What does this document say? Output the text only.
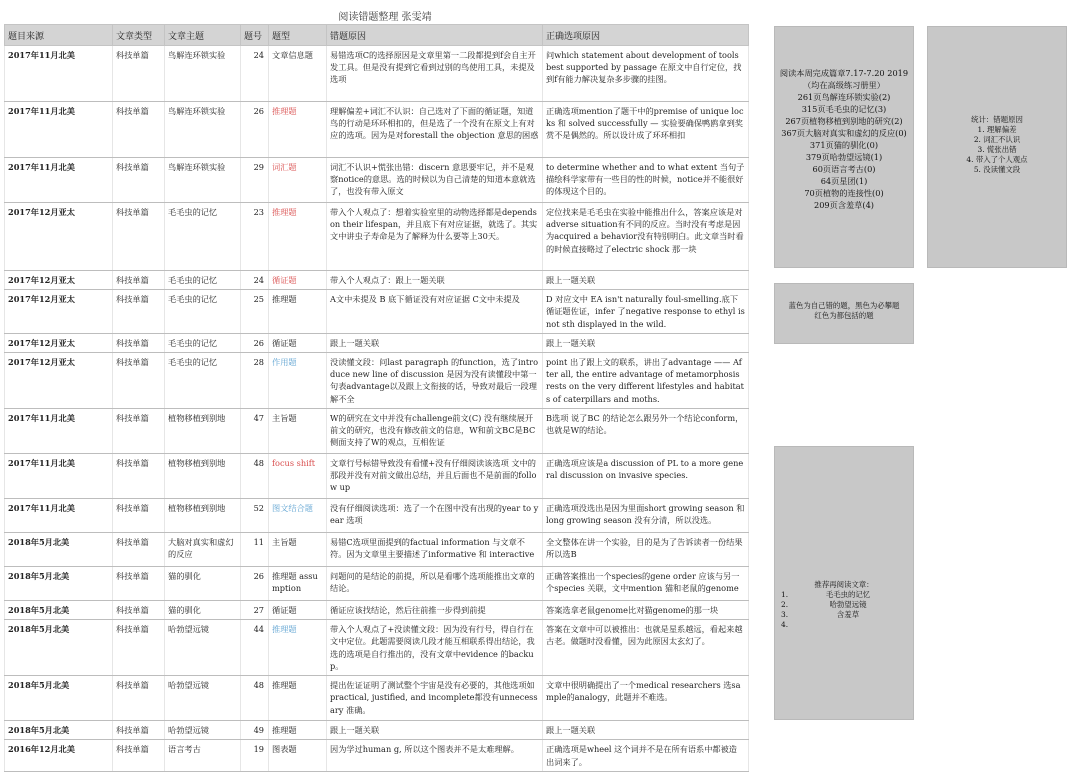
阅读错题整理 张雯靖
题目来源	文章类型	文章主题	题号	题型	错题原因	正确选项原因
2017年11月北美	科技单篇	鸟解连环锁实验	24	文章信息题	易错选项C的选择原因是文章里第一二段都提到f会自主开发工具。但是没有提到它看到过别的鸟使用工具，未提及选项	问which statement about development of tools best supported by passage 在原文中自行定位，找到f有能力解决复杂多步骤的挂图。
2017年11月北美	科技单篇	鸟解连环锁实验	26	推理题	理解偏差+词汇不认识：自己选对了下面的循证题，知道鸟的行动是环环相扣的，但是选了一个没有在原文上有对应的选项。因为是对forestall the objection 意思的困惑	正确选项mention了题干中的premise of unique locks 和 solved successfully — 实验要确保鸭鸥拿到奖赏不是偶然的。所以设计成了环环相扣
2017年11月北美	科技单篇	鸟解连环锁实验	29	词汇题	词汇不认识+慌张出错：discern 意思要牢记，并不是观察notice的意思。选的时候以为自己清楚的知道本意就选了，也没有带入原文	to determine whether and to what extent 当句子描绘科学家带有一些目的性的时候，notice并不能很好的体现这个目的。
2017年12月亚太	科技单篇	毛毛虫的记忆	23	推理题	带入个人观点了：想着实验室里的动物选择都是depends on their lifespan，并且底下有对应证据，就选了。其实文中讲虫子寿命是为了解释为什么要等上30天。	定位找来是毛毛虫在实验中能推出什么，答案应该是对adverse situation有不同的反应。当时没有考虑是因为acquired a behavior没有特别明白。此文章当时看的时候直接略过了electric shock 那一块
2017年12月亚太	科技单篇	毛毛虫的记忆	24	循证题	带入个人观点了：跟上一题关联	跟上一题关联
2017年12月亚太	科技单篇	毛毛虫的记忆	25	推理题	A文中未提及 B 底下循证没有对应证据 C文中未提及	D 对应文中 EA isn't naturally foul-smelling.底下循证题佐证，infer 了negative response to ethyl is not sth displayed in the wild.
2017年12月亚太	科技单篇	毛毛虫的记忆	26	循证题	跟上一题关联	跟上一题关联
2017年12月亚太	科技单篇	毛毛虫的记忆	28	作用题	没读懂文段：问last paragraph 的function，选了introduce new line of discussion 是因为没有读懂段中第一句表advantage以及跟上文衔接的话，导致对最后一段理解不全	point 出了跟上文的联系，讲出了advantage —— After all, the entire advantage of metamorphosis rests on the very different lifestyles and habitats of caterpillars and moths.
2017年11月北美	科技单篇	植物移植到别地	47	主旨题	W的研究在文中并没有challenge前文(C) 没有继续展开前文的研究，也没有修改前文的信息，W和前文BC是BC 侧面支持了W的观点，互相佐证	B选项 说了BC 的结论怎么跟另外一个结论conform，也就是W的结论。
2017年11月北美	科技单篇	植物移植到别地	48	focus shift	文章行号标错导致没有看懂+没有仔细阅读该选项 文中的那段并没有对前文做出总结，并且后面也不是前面的follow up	正确选项应该是a discussion of PL to a more general discussion on invasive species.
2017年11月北美	科技单篇	植物移植到别地	52	图文结合题	没有仔细阅读选项：选了一个在图中没有出现的year to year 选项	正确选项没选出是因为里面short growing season 和 long growing season 没有分清，所以没选。
2018年5月北美	科技单篇	大脑对真实和虚幻的反应	11	主旨题	易错C选项里面提到的factual information 与文章不符。因为文章里主要描述了informative 和 interactive	全文整体在讲一个实验，目的是为了告诉读者一份结果 所以选B
2018年5月北美	科技单篇	猫的驯化	26	推理题 assumption	问题问的是结论的前提，所以是看哪个选项能推出文章的结论。	正确答案推出一个species的gene order 应该与另一个species 关联，文中mention 猫和老鼠的genome
2018年5月北美	科技单篇	猫的驯化	27	循证题	循证应该找结论，然后往前推一步得到前提	答案选拿老鼠genome比对猫genome的那一块
2018年5月北美	科技单篇	哈勃望远镜	44	推理题	带入个人观点了+没读懂文段：因为没有行号，得自行在文中定位。此题需要阅读几段才能互相联系得出结论，我选的选项是自行推出的，没有文章中evidence 的backup。	答案在文章中可以被推出：也就是星系越远，看起来越古老。做题时没看懂，因为此原因太玄幻了。
2018年5月北美	科技单篇	哈勃望远镜	48	推理题	提出佐证证明了测试整个宇宙是没有必要的，其他选项如practical, justified, and incomplete都没有unnecessary 准确。	文章中很明确提出了一个medical researchers 选sample的analogy，此题并不难选。
2018年5月北美	科技单篇	哈勃望远镜	49	推理题	跟上一题关联	跟上一题关联
2016年12月北美	科技单篇	语言考古	19	图表题	因为学过human g, 所以这个图表并不是太难理解。	正确选项是wheel 这个词并不是在所有语系中都被造出词来了。
阅读本周完成篇章7.17-7.20 2019
（均在高级练习册里）
261页鸟解连环锁实验(2)
315页毛毛虫的记忆(3)
267页植物移植到别地的研究(2)
367页大脑对真实和虚幻的反应(0)
371页猫的驯化(0)
379页哈勃望远镜(1)
60页语言考古(0)
64页星团(1)
70页植物的连接性(0)
209页含羞草(4)
统计：错题原因
1. 理解偏差
2. 词汇不认识
3. 慌张出错
4. 带入了个人观点
5. 没读懂文段
蓝色为自己错的题，黑色为必攀题
红色为都包括的题
推荐再阅读文章：
1.	毛毛虫的记忆
2.	哈勃望远镜
3.	含羞草
4.
